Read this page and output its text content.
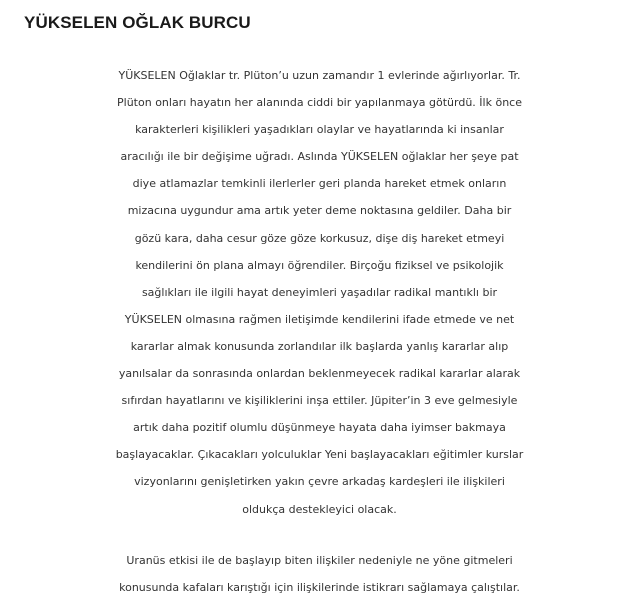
YÜKSELEN OĞLAK BURCU

YÜKSELEN Oğlaklar tr. Plüton’u uzun zamandır 1 evlerinde ağırlıyorlar. Tr.
Plüton onları hayatın her alanında ciddi bir yapılanmaya götürdü. İlk önce
karakterleri kişilikleri yaşadıkları olaylar ve hayatlarında ki insanlar
aracılığı ile bir değişime uğradı. Aslında YÜKSELEN oğlaklar her şeye pat
diye atlamazlar temkinli ilerlerler geri planda hareket etmek onların
mizacına uygundur ama artık yeter deme noktasına geldiler. Daha bir
gözü kara, daha cesur göze göze korkusuz, dişe diş hareket etmeyi
kendilerini ön plana almayı öğrendiler. Birçoğu fiziksel ve psikolojik
sağlıkları ile ilgili hayat deneyimleri yaşadılar radikal mantıklı bir
YÜKSELEN olmasına rağmen iletişimde kendilerini ifade etmede ve net
kararlar almak konusunda zorlandılar ilk başlarda yanlış kararlar alıp
yanılsalar da sonrasında onlardan beklenmeyecek radikal kararlar alarak
sıfırdan hayatlarını ve kişiliklerini inşa ettiler. Jüpiter’in 3 eve gelmesiyle
artık daha pozitif olumlu düşünmeye hayata daha iyimser bakmaya
başlayacaklar. Çıkacakları yolculuklar Yeni başlayacakları eğitimler kurslar
vizyonlarını genişletirken yakın çevre arkadaş kardeşleri ile ilişkileri
oldukça destekleyici olacak.

Uranüs etkisi ile de başlayıp biten ilişkiler nedeniyle ne yöne gitmeleri
konusunda kafaları karıştığı için ilişkilerinde istikrarı sağlamaya çalıştılar.
